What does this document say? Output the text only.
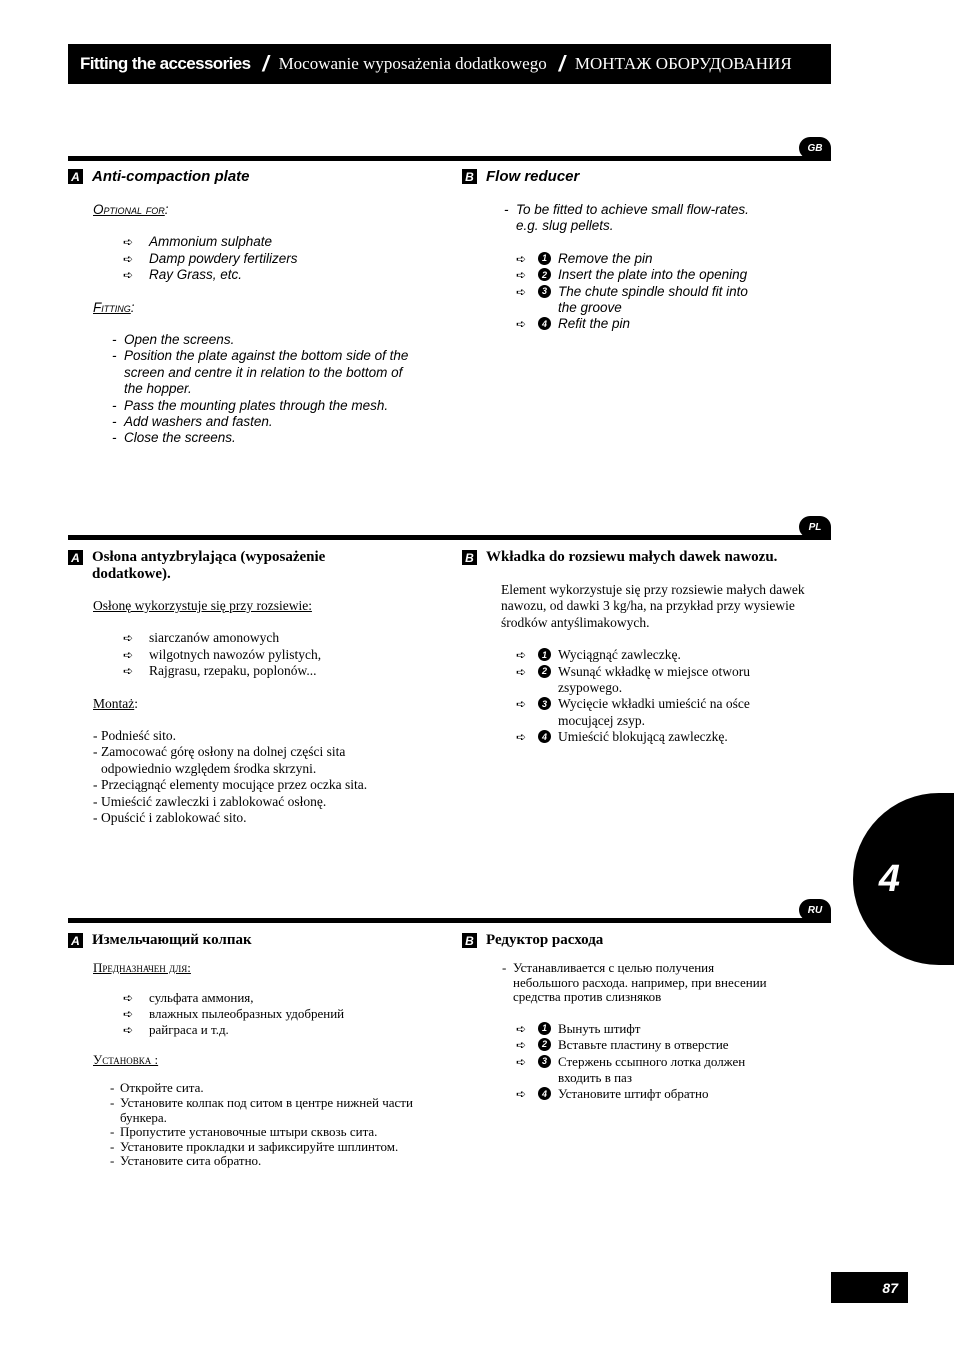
Fitting the accessories / Mocowanie wyposażenia dodatkowego / МОНТАЖ ОБОРУДОВАНИЯ
GB
A Anti-compaction plate
Optional for:
➪ Ammonium sulphate
➪ Damp powdery fertilizers
➪ Ray Grass, etc.
Fitting:
- Open the screens.
- Position the plate against the bottom side of the screen and centre it in relation to the bottom of the hopper.
- Pass the mounting plates through the mesh.
- Add washers and fasten.
- Close the screens.
B Flow reducer
- To be fitted to achieve small flow-rates. e.g. slug pellets.
➪	1 Remove the pin
➪	2 Insert the plate into the opening
➪	3 The chute spindle should fit into the groove
➪	4 Refit the pin
PL
A Osłona antyzbrylająca (wyposażenie dodatkowe).
Osłonę wykorzystuje się przy rozsiewie:
➪ siarczanów amonowych
➪ wilgotnych nawozów pylistych,
➪ Rajgrasu, rzepaku, poplonów...
Montaż:
- Podnieść sito.
- Zamocować górę osłony na dolnej części sita odpowiednio względem środka skrzyni.
- Przeciągnąć elementy mocujące przez oczka sita.
- Umieścić zawleczki i zablokować osłonę.
- Opuścić i zablokować sito.
B Wkładka do rozsiewu małych dawek nawozu.
Element wykorzystuje się przy rozsiewie małych dawek nawozu, od dawki 3 kg/ha, na przykład przy wysiewie środków antyślimakowych.
➪	1 Wyciągnąć zawleczkę.
➪	2 Wsunąć wkładkę w miejsce otworu zsypowego.
➪	3 Wycięcie wkładki umieścić na ośce mocującej zsyp.
➪	4 Umieścić blokującą zawleczkę.
RU
A Измельчающий колпак
Предназначен для:
➪ сульфата аммония,
➪ влажных пылеобразных удобрений
➪ райграса и т.д.
Установка :
- Откройте сита.
- Установите колпак под ситом в центре нижней части бункера.
- Пропустите установочные штыри сквозь сита.
- Установите прокладки и зафиксируйте шплинтом.
- Установите сита обратно.
B Редуктор расхода
- Устанавливается с целью получения небольшого расхода. например, при внесении средства против слизняков
➪	1 Вынуть штифт
➪	2 Вставьте пластину в отверстие
➪	3 Стержень ссыпного лотка должен входить в паз
➪	4 Установите штифт обратно
4
87
